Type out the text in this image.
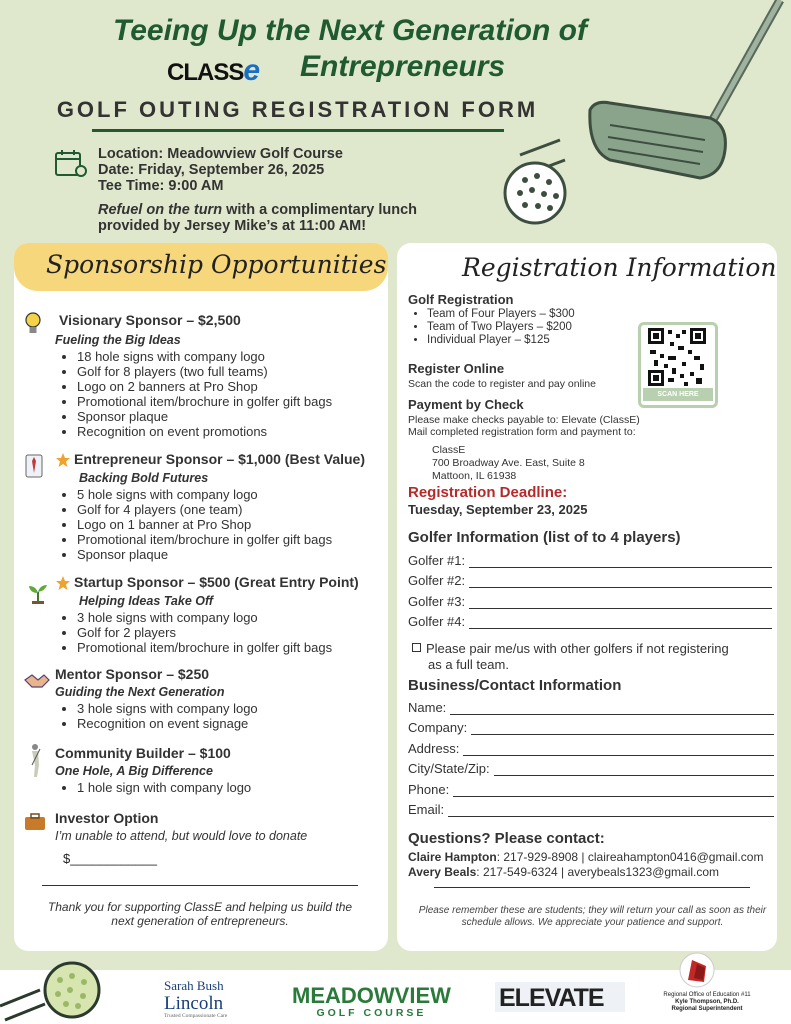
Teeing Up the Next Generation of
CLASSe Entrepreneurs
GOLF OUTING REGISTRATION FORM
Location: Meadowview Golf Course
Date: Friday, September 26, 2025
Tee Time: 9:00 AM
Refuel on the turn with a complimentary lunch
provided by Jersey Mike’s at 11:00 AM!
Sponsorship Opportunities
Visionary Sponsor – $2,500
Fueling the Big Ideas
• 18 hole signs with company logo
• Golf for 8 players (two full teams)
• Logo on 2 banners at Pro Shop
• Promotional item/brochure in golfer gift bags
• Sponsor plaque
• Recognition on event promotions
Entrepreneur Sponsor – $1,000 (Best Value)
Backing Bold Futures
• 5 hole signs with company logo
• Golf for 4 players (one team)
• Logo on 1 banner at Pro Shop
• Promotional item/brochure in golfer gift bags
• Sponsor plaque
Startup Sponsor – $500 (Great Entry Point)
Helping Ideas Take Off
• 3 hole signs with company logo
• Golf for 2 players
• Promotional item/brochure in golfer gift bags
Mentor Sponsor – $250
Guiding the Next Generation
• 3 hole signs with company logo
• Recognition on event signage
Community Builder – $100
One Hole, A Big Difference
• 1 hole sign with company logo
Investor Option
I’m unable to attend, but would love to donate
$____________
Thank you for supporting ClassE and helping us build the next generation of entrepreneurs.
Registration Information
Golf Registration
• Team of Four Players – $300
• Team of Two Players – $200
• Individual Player – $125
Register Online
Scan the code to register and pay online
SCAN HERE
Payment by Check
Please make checks payable to: Elevate (ClassE)
Mail completed registration form and payment to:
ClassE
700 Broadway Ave. East, Suite 8
Mattoon, IL 61938
Registration Deadline:
Tuesday, September 23, 2025
Golfer Information (list of to 4 players)
Golfer #1:
Golfer #2:
Golfer #3:
Golfer #4:
Please pair me/us with other golfers if not registering
as a full team.
Business/Contact Information
Name:
Company:
Address:
City/State/Zip:
Phone:
Email:
Questions? Please contact:
Claire Hampton: 217-929-8908 | claireahampton0416@gmail.com
Avery Beals: 217-549-6324 | averybeals1323@gmail.com
Please remember these are students; they will return your call as soon as their schedule allows. We appreciate your patience and support.
Sarah Bush
Lincoln
Trusted Compassionate Care
MEADOWVIEW
GOLF COURSE
ELEVATE	Regional Office of Education #11
Kyle Thompson, Ph.D.
Regional Superintendent
